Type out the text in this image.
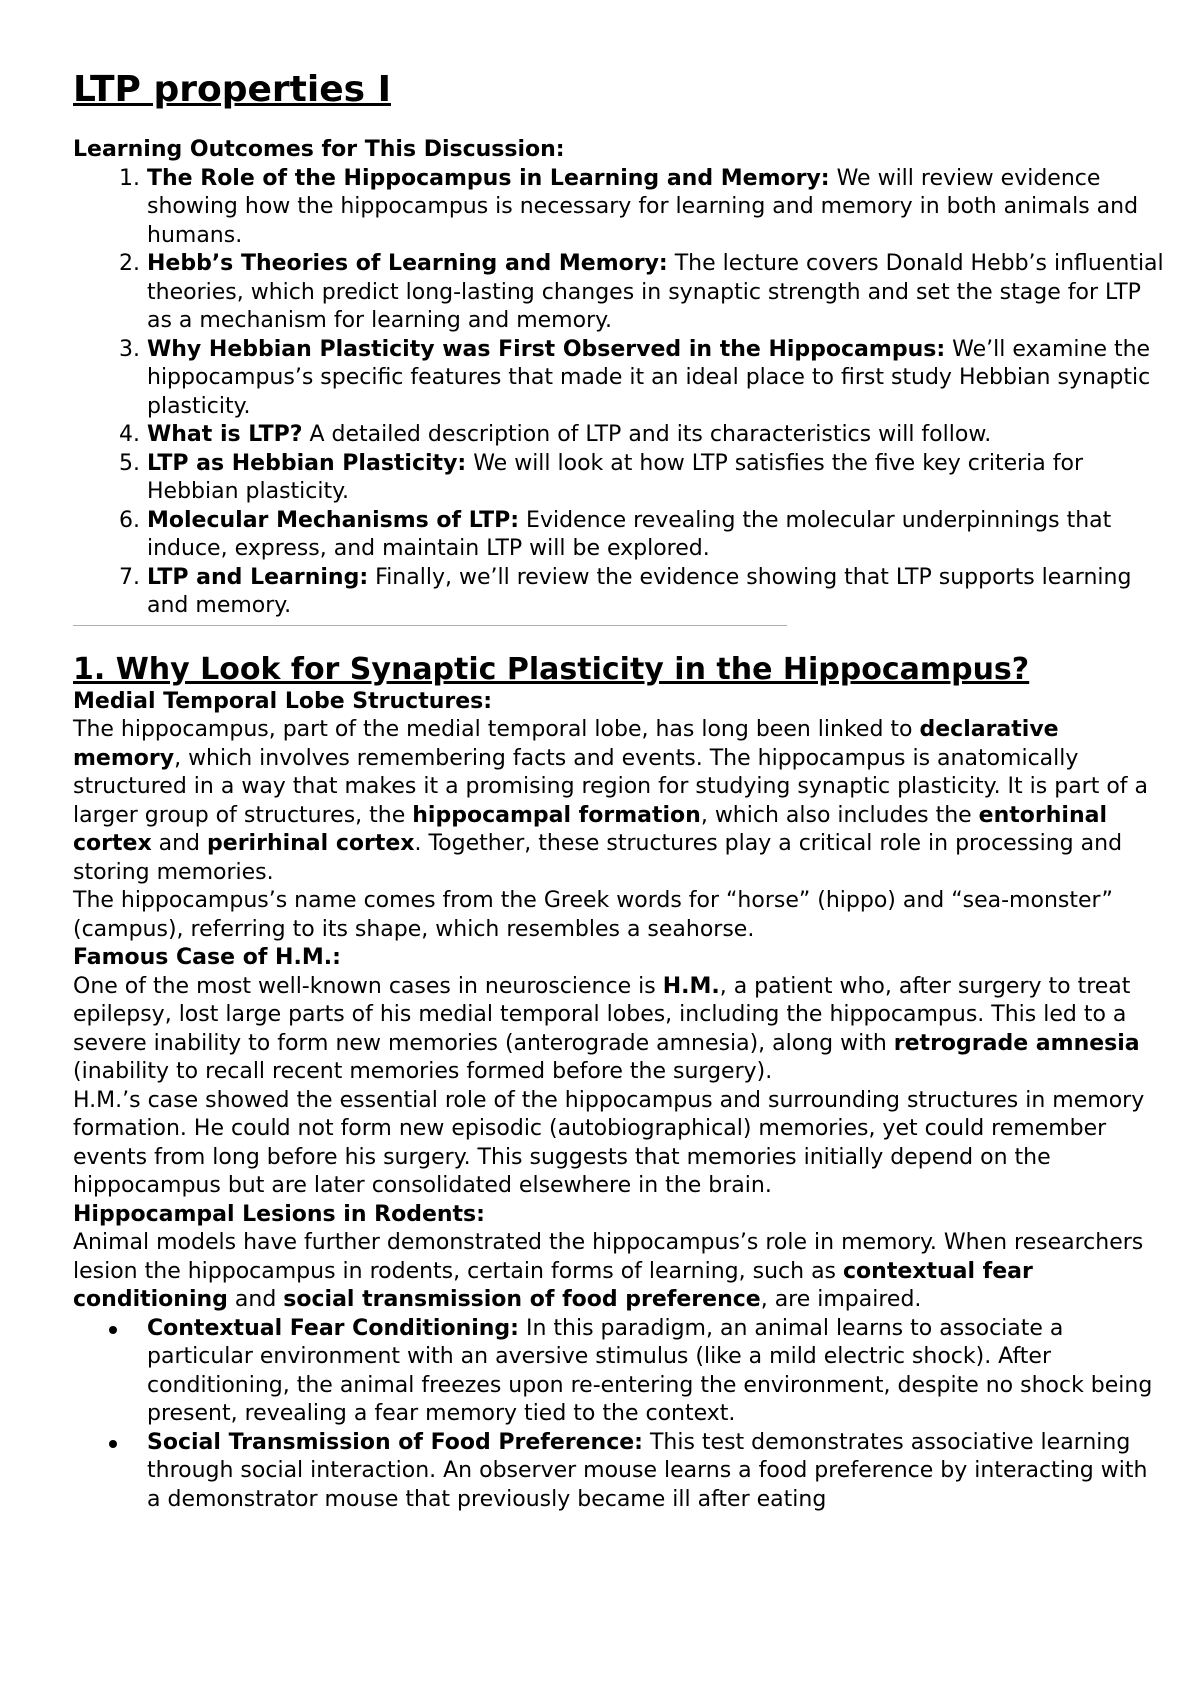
LTP properties I
Learning Outcomes for This Discussion:
1. The Role of the Hippocampus in Learning and Memory: We will review evidence showing how the hippocampus is necessary for learning and memory in both animals and humans.
2. Hebb’s Theories of Learning and Memory: The lecture covers Donald Hebb’s influential theories, which predict long-lasting changes in synaptic strength and set the stage for LTP as a mechanism for learning and memory.
3. Why Hebbian Plasticity was First Observed in the Hippocampus: We’ll examine the hippocampus’s specific features that made it an ideal place to first study Hebbian synaptic plasticity.
4. What is LTP? A detailed description of LTP and its characteristics will follow.
5. LTP as Hebbian Plasticity: We will look at how LTP satisfies the five key criteria for Hebbian plasticity.
6. Molecular Mechanisms of LTP: Evidence revealing the molecular underpinnings that induce, express, and maintain LTP will be explored.
7. LTP and Learning: Finally, we’ll review the evidence showing that LTP supports learning and memory.
1. Why Look for Synaptic Plasticity in the Hippocampus?
Medial Temporal Lobe Structures:

The hippocampus, part of the medial temporal lobe, has long been linked to declarative memory, which involves remembering facts and events. The hippocampus is anatomically structured in a way that makes it a promising region for studying synaptic plasticity. It is part of a larger group of structures, the hippocampal formation, which also includes the entorhinal cortex and perirhinal cortex. Together, these structures play a critical role in processing and storing memories.

The hippocampus’s name comes from the Greek words for “horse” (hippo) and “sea-monster” (campus), referring to its shape, which resembles a seahorse.

Famous Case of H.M.:

One of the most well-known cases in neuroscience is H.M., a patient who, after surgery to treat epilepsy, lost large parts of his medial temporal lobes, including the hippocampus. This led to a severe inability to form new memories (anterograde amnesia), along with retrograde amnesia (inability to recall recent memories formed before the surgery).

H.M.’s case showed the essential role of the hippocampus and surrounding structures in memory formation. He could not form new episodic (autobiographical) memories, yet could remember events from long before his surgery. This suggests that memories initially depend on the hippocampus but are later consolidated elsewhere in the brain.

Hippocampal Lesions in Rodents:

Animal models have further demonstrated the hippocampus’s role in memory. When researchers lesion the hippocampus in rodents, certain forms of learning, such as contextual fear conditioning and social transmission of food preference, are impaired.

Contextual Fear Conditioning: In this paradigm, an animal learns to associate a particular environment with an aversive stimulus (like a mild electric shock). After conditioning, the animal freezes upon re-entering the environment, despite no shock being present, revealing a fear memory tied to the context.
Social Transmission of Food Preference: This test demonstrates associative learning through social interaction. An observer mouse learns a food preference by interacting with a demonstrator mouse that previously became ill after eating
